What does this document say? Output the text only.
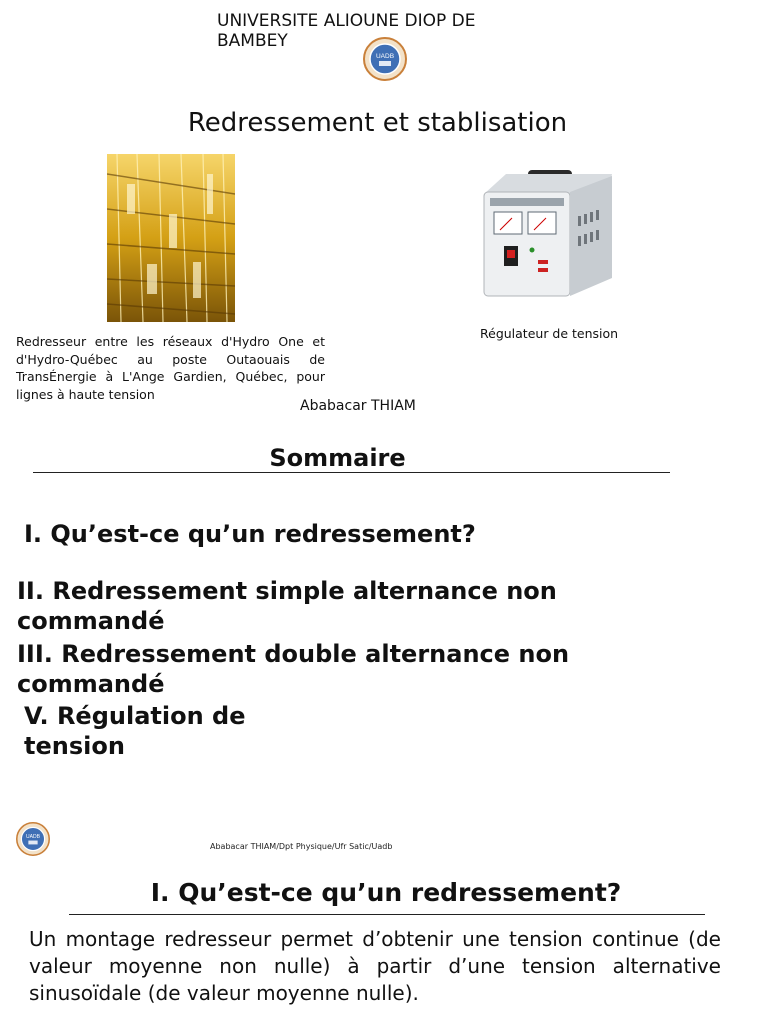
UNIVERSITE ALIOUNE DIOP DE BAMBEY
UADB
Redressement et stablisation
Redresseur entre les réseaux d'Hydro One et d'Hydro-Québec au poste Outaouais de TransÉnergie à L'Ange Gardien, Québec, pour lignes à haute tension
Régulateur de tension
Ababacar THIAM
Sommaire
I. Qu’est-ce qu’un redressement?
II. Redressement simple alternance non commandé
III. Redressement double alternance non commandé
V. Régulation de tension
UADB
Ababacar THIAM/Dpt Physique/Ufr Satic/Uadb
I. Qu’est-ce qu’un redressement?
Un montage redresseur permet d’obtenir une tension continue (de valeur moyenne non nulle) à partir d’une tension alternative sinusoïdale (de valeur moyenne nulle).
